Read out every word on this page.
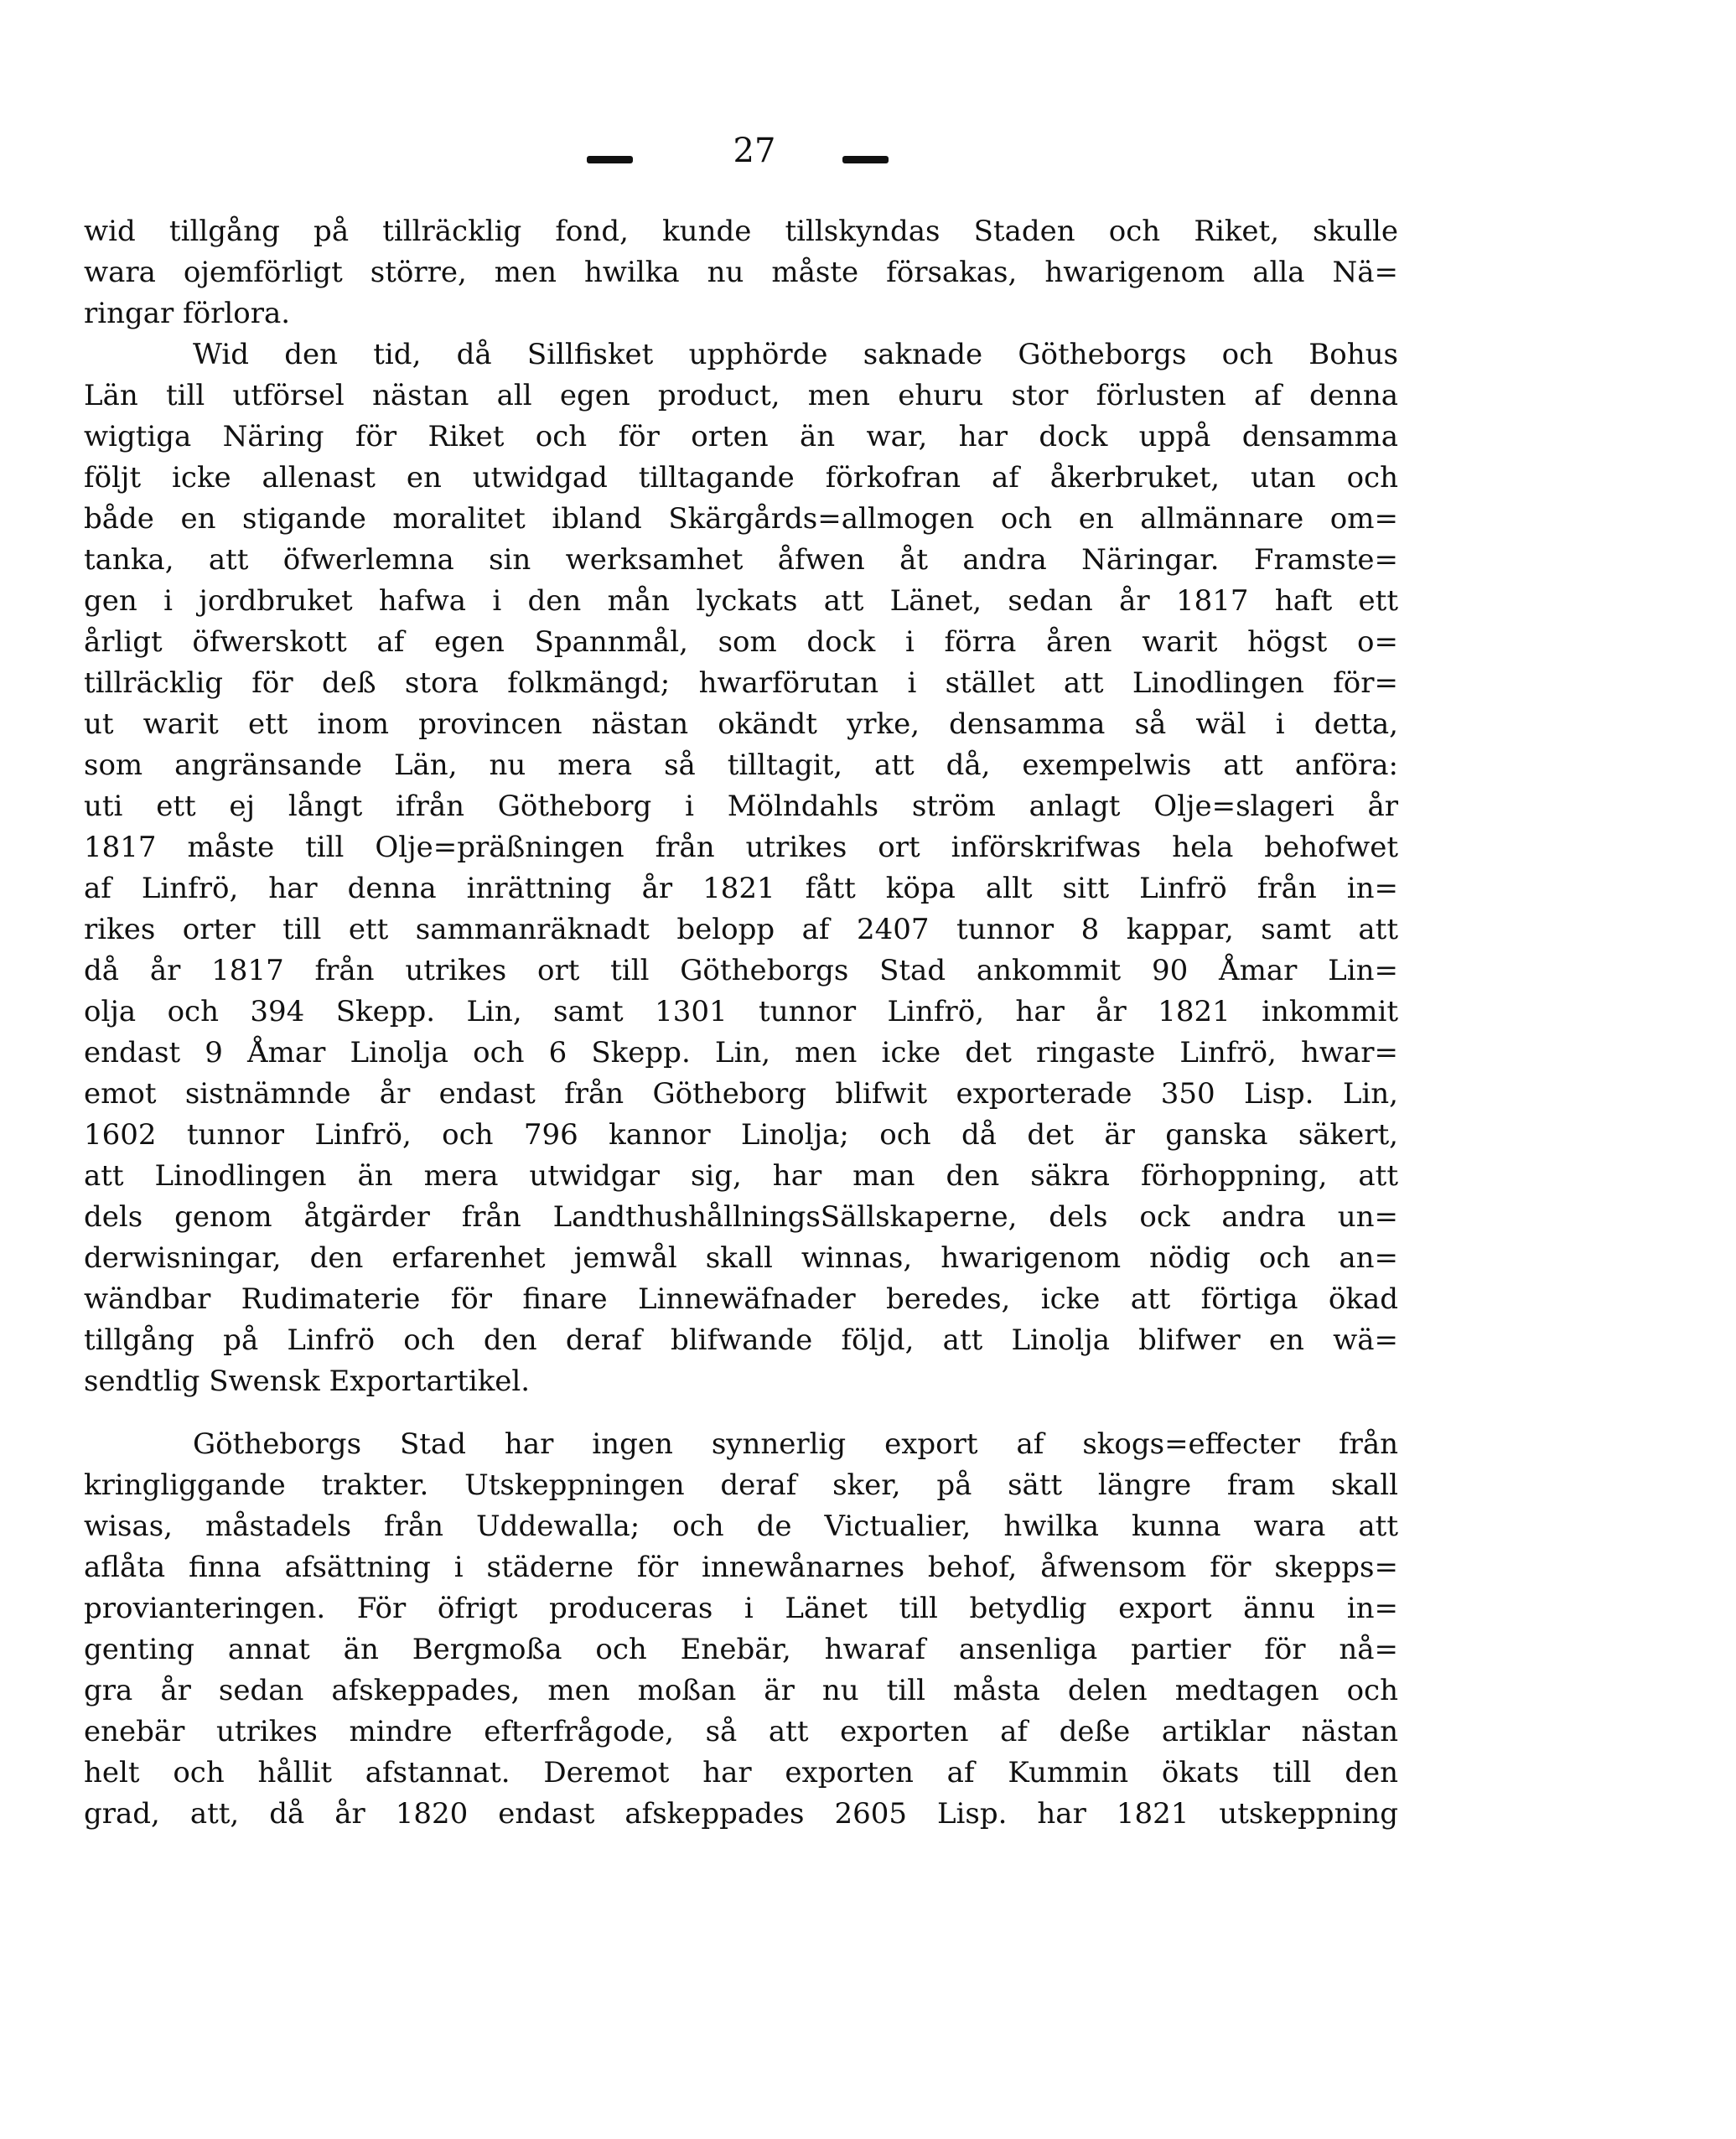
27
wid tillgång på tillräcklig fond, kunde tillskyndas Staden och Riket, skulle
wara ojemförligt större, men hwilka nu måste försakas, hwarigenom alla Nä=
ringar förlora.
Wid den tid, då Sillfisket upphörde saknade Götheborgs och Bohus
Län till utförsel nästan all egen product, men ehuru stor förlusten af denna
wigtiga Näring för Riket och för orten än war, har dock uppå densamma
följt icke allenast en utwidgad tilltagande förkofran af åkerbruket, utan och
både en stigande moralitet ibland Skärgårds=allmogen och en allmännare om=
tanka, att öfwerlemna sin werksamhet åfwen åt andra Näringar. Framste=
gen i jordbruket hafwa i den mån lyckats att Länet, sedan år 1817 haft ett
årligt öfwerskott af egen Spannmål, som dock i förra åren warit högst o=
tillräcklig för deß stora folkmängd; hwarförutan i stället att Linodlingen för=
ut warit ett inom provincen nästan okändt yrke, densamma så wäl i detta,
som angränsande Län, nu mera så tilltagit, att då, exempelwis att anföra:
uti ett ej långt ifrån Götheborg i Mölndahls ström anlagt Olje=slageri år
1817 måste till Olje=präßningen från utrikes ort införskrifwas hela behofwet
af Linfrö, har denna inrättning år 1821 fått köpa allt sitt Linfrö från in=
rikes orter till ett sammanräknadt belopp af 2407 tunnor 8 kappar, samt att
då år 1817 från utrikes ort till Götheborgs Stad ankommit 90 Åmar Lin=
olja och 394 Skepp. Lin, samt 1301 tunnor Linfrö, har år 1821 inkommit
endast 9 Åmar Linolja och 6 Skepp. Lin, men icke det ringaste Linfrö, hwar=
emot sistnämnde år endast från Götheborg blifwit exporterade 350 Lisp. Lin,
1602 tunnor Linfrö, och 796 kannor Linolja; och då det är ganska säkert,
att Linodlingen än mera utwidgar sig, har man den säkra förhoppning, att
dels genom åtgärder från LandthushållningsSällskaperne, dels ock andra un=
derwisningar, den erfarenhet jemwål skall winnas, hwarigenom nödig och an=
wändbar Rudimaterie för finare Linnewäfnader beredes, icke att förtiga ökad
tillgång på Linfrö och den deraf blifwande följd, att Linolja blifwer en wä=
sendtlig Swensk Exportartikel.
Götheborgs Stad har ingen synnerlig export af skogs=effecter från
kringliggande trakter. Utskeppningen deraf sker, på sätt längre fram skall
wisas, måstadels från Uddewalla; och de Victualier, hwilka kunna wara att
aflåta finna afsättning i städerne för innewånarnes behof, åfwensom för skepps=
provianteringen. För öfrigt produceras i Länet till betydlig export ännu in=
genting annat än Bergmoßa och Enebär, hwaraf ansenliga partier för nå=
gra år sedan afskeppades, men moßan är nu till måsta delen medtagen och
enebär utrikes mindre efterfrågode, så att exporten af deße artiklar nästan
helt och hållit afstannat. Deremot har exporten af Kummin ökats till den
grad, att, då år 1820 endast afskeppades 2605 Lisp. har 1821 utskeppning
